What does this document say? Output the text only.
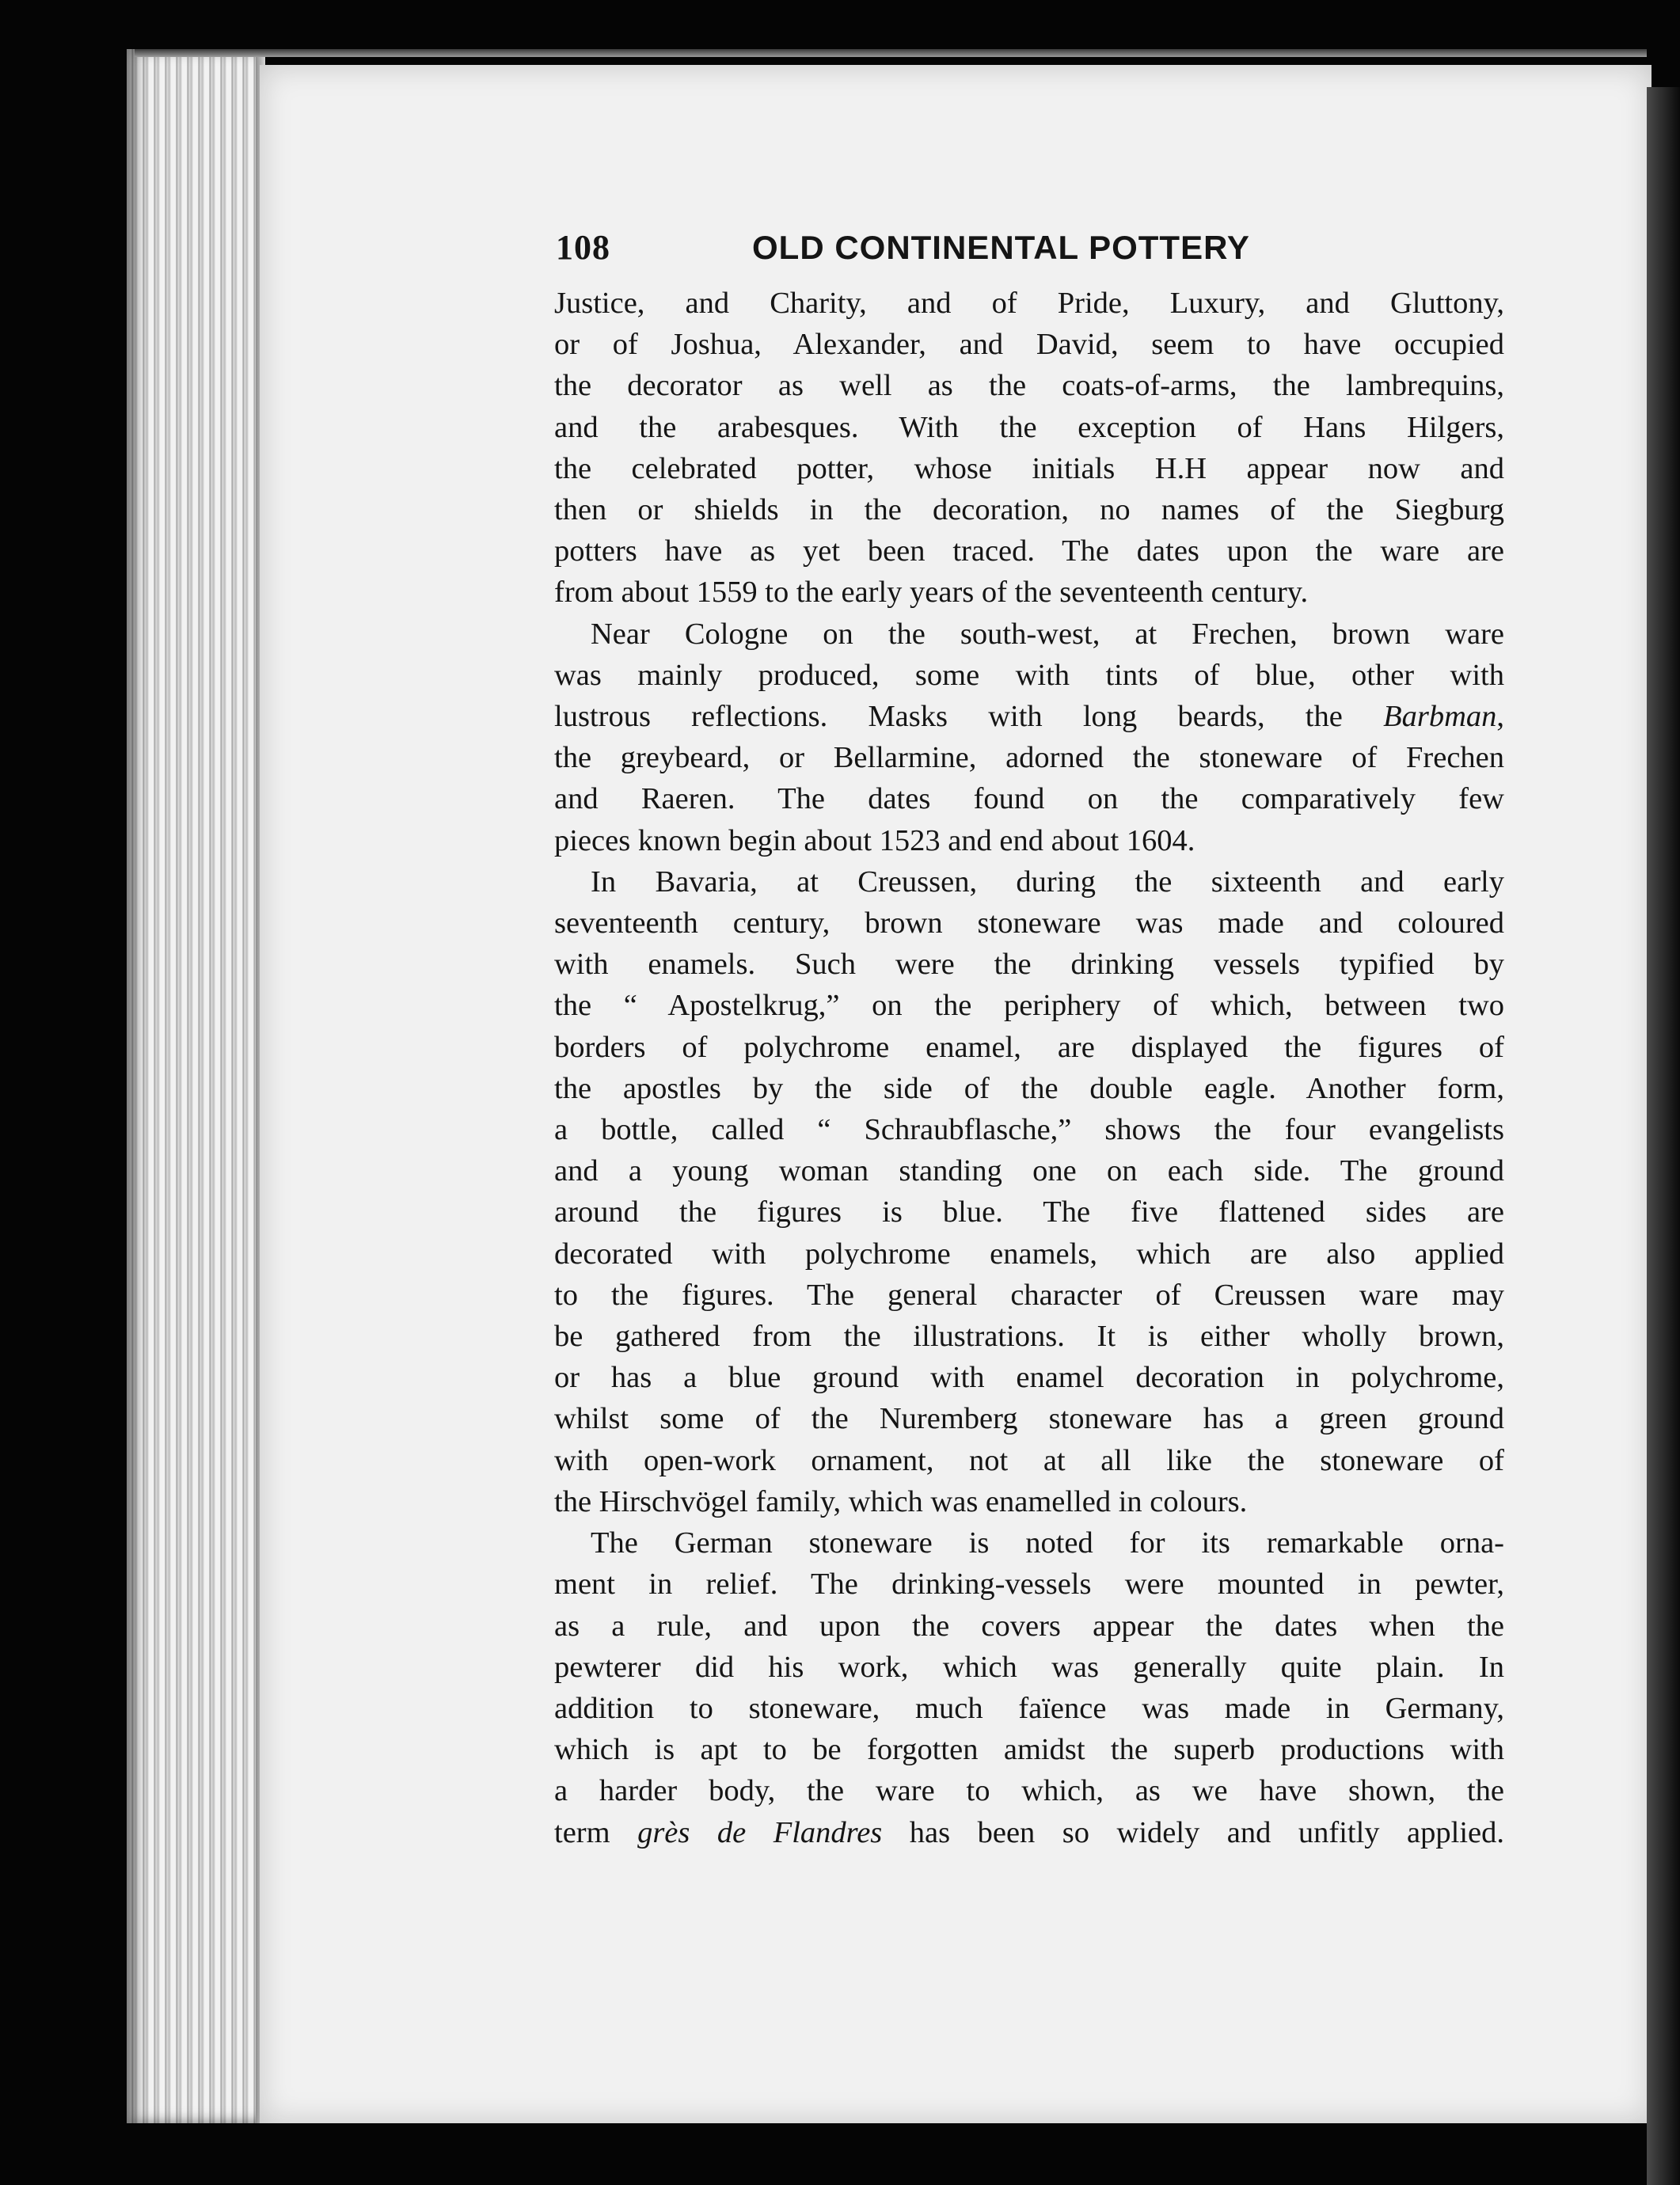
108	OLD CONTINENTAL POTTERY

Justice, and Charity, and of Pride, Luxury, and Gluttony,
or of Joshua, Alexander, and David, seem to have occupied
the decorator as well as the coats-of-arms, the lambrequins,
and the arabesques. With the exception of Hans Hilgers,
the celebrated potter, whose initials H.H appear now and
then or shields in the decoration, no names of the Siegburg
potters have as yet been traced. The dates upon the ware are
from about 1559 to the early years of the seventeenth century.

Near Cologne on the south-west, at Frechen, brown ware
was mainly produced, some with tints of blue, other with
lustrous reflections. Masks with long beards, the Barbman,
the greybeard, or Bellarmine, adorned the stoneware of Frechen
and Raeren. The dates found on the comparatively few
pieces known begin about 1523 and end about 1604.

In Bavaria, at Creussen, during the sixteenth and early
seventeenth century, brown stoneware was made and coloured
with enamels. Such were the drinking vessels typified by
the “ Apostelkrug,” on the periphery of which, between two
borders of polychrome enamel, are displayed the figures of
the apostles by the side of the double eagle. Another form,
a bottle, called “ Schraubflasche,” shows the four evangelists
and a young woman standing one on each side. The ground
around the figures is blue. The five flattened sides are
decorated with polychrome enamels, which are also applied
to the figures. The general character of Creussen ware may
be gathered from the illustrations. It is either wholly brown,
or has a blue ground with enamel decoration in polychrome,
whilst some of the Nuremberg stoneware has a green ground
with open-work ornament, not at all like the stoneware of
the Hirschvögel family, which was enamelled in colours.

The German stoneware is noted for its remarkable orna-
ment in relief. The drinking-vessels were mounted in pewter,
as a rule, and upon the covers appear the dates when the
pewterer did his work, which was generally quite plain. In
addition to stoneware, much faïence was made in Germany,
which is apt to be forgotten amidst the superb productions with
a harder body, the ware to which, as we have shown, the
term grès de Flandres has been so widely and unfitly applied.
